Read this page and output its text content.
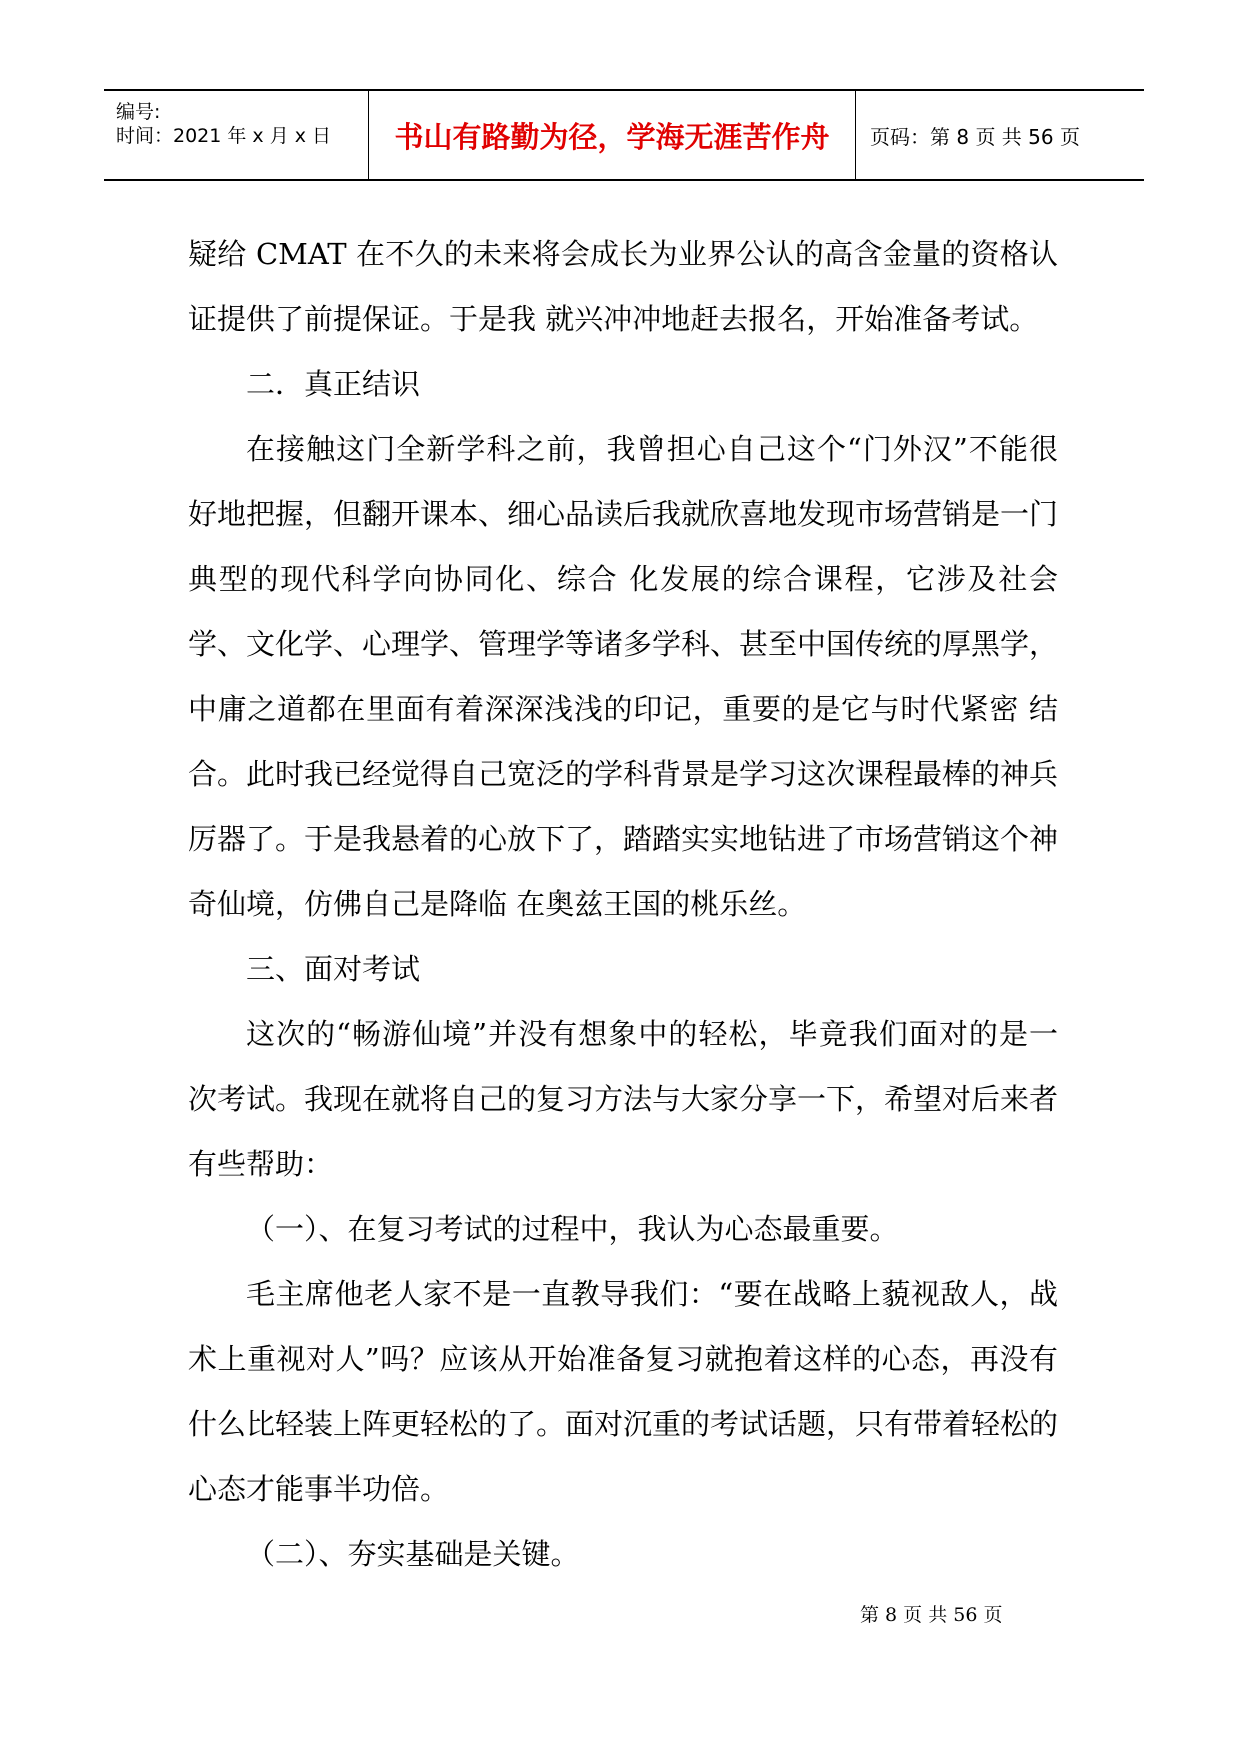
编号:
时间：2021 年 x 月 x 日 书山有路勤为径，学海无涯苦作舟	页码：第 8 页 共 56 页

疑给 CMAT 在不久的未来将会成长为业界公认的高含金量的资格认证提供了前提保证。于是我 就兴冲冲地赶去报名，开始准备考试。

二．真正结识

在接触这门全新学科之前，我曾担心自己这个“门外汉”不能很好地把握，但翻开课本、细心品读后我就欣喜地发现市场营销是一门典型的现代科学向协同化、综合 化发展的综合课程，它涉及社会学、文化学、心理学、管理学等诸多学科、甚至中国传统的厚黑学，中庸之道都在里面有着深深浅浅的印记，重要的是它与时代紧密 结合。此时我已经觉得自己宽泛的学科背景是学习这次课程最棒的神兵厉器了。于是我悬着的心放下了，踏踏实实地钻进了市场营销这个神奇仙境，仿佛自己是降临 在奥兹王国的桃乐丝。

三、面对考试

这次的“畅游仙境”并没有想象中的轻松，毕竟我们面对的是一次考试。我现在就将自己的复习方法与大家分享一下，希望对后来者有些帮助：

（一）、在复习考试的过程中，我认为心态最重要。

毛主席他老人家不是一直教导我们：“要在战略上藐视敌人，战术上重视对人”吗？应该从开始准备复习就抱着这样的心态，再没有什么比轻装上阵更轻松的了。面对沉重的考试话题，只有带着轻松的心态才能事半功倍。

（二）、夯实基础是关键。

第 8 页 共 56 页
